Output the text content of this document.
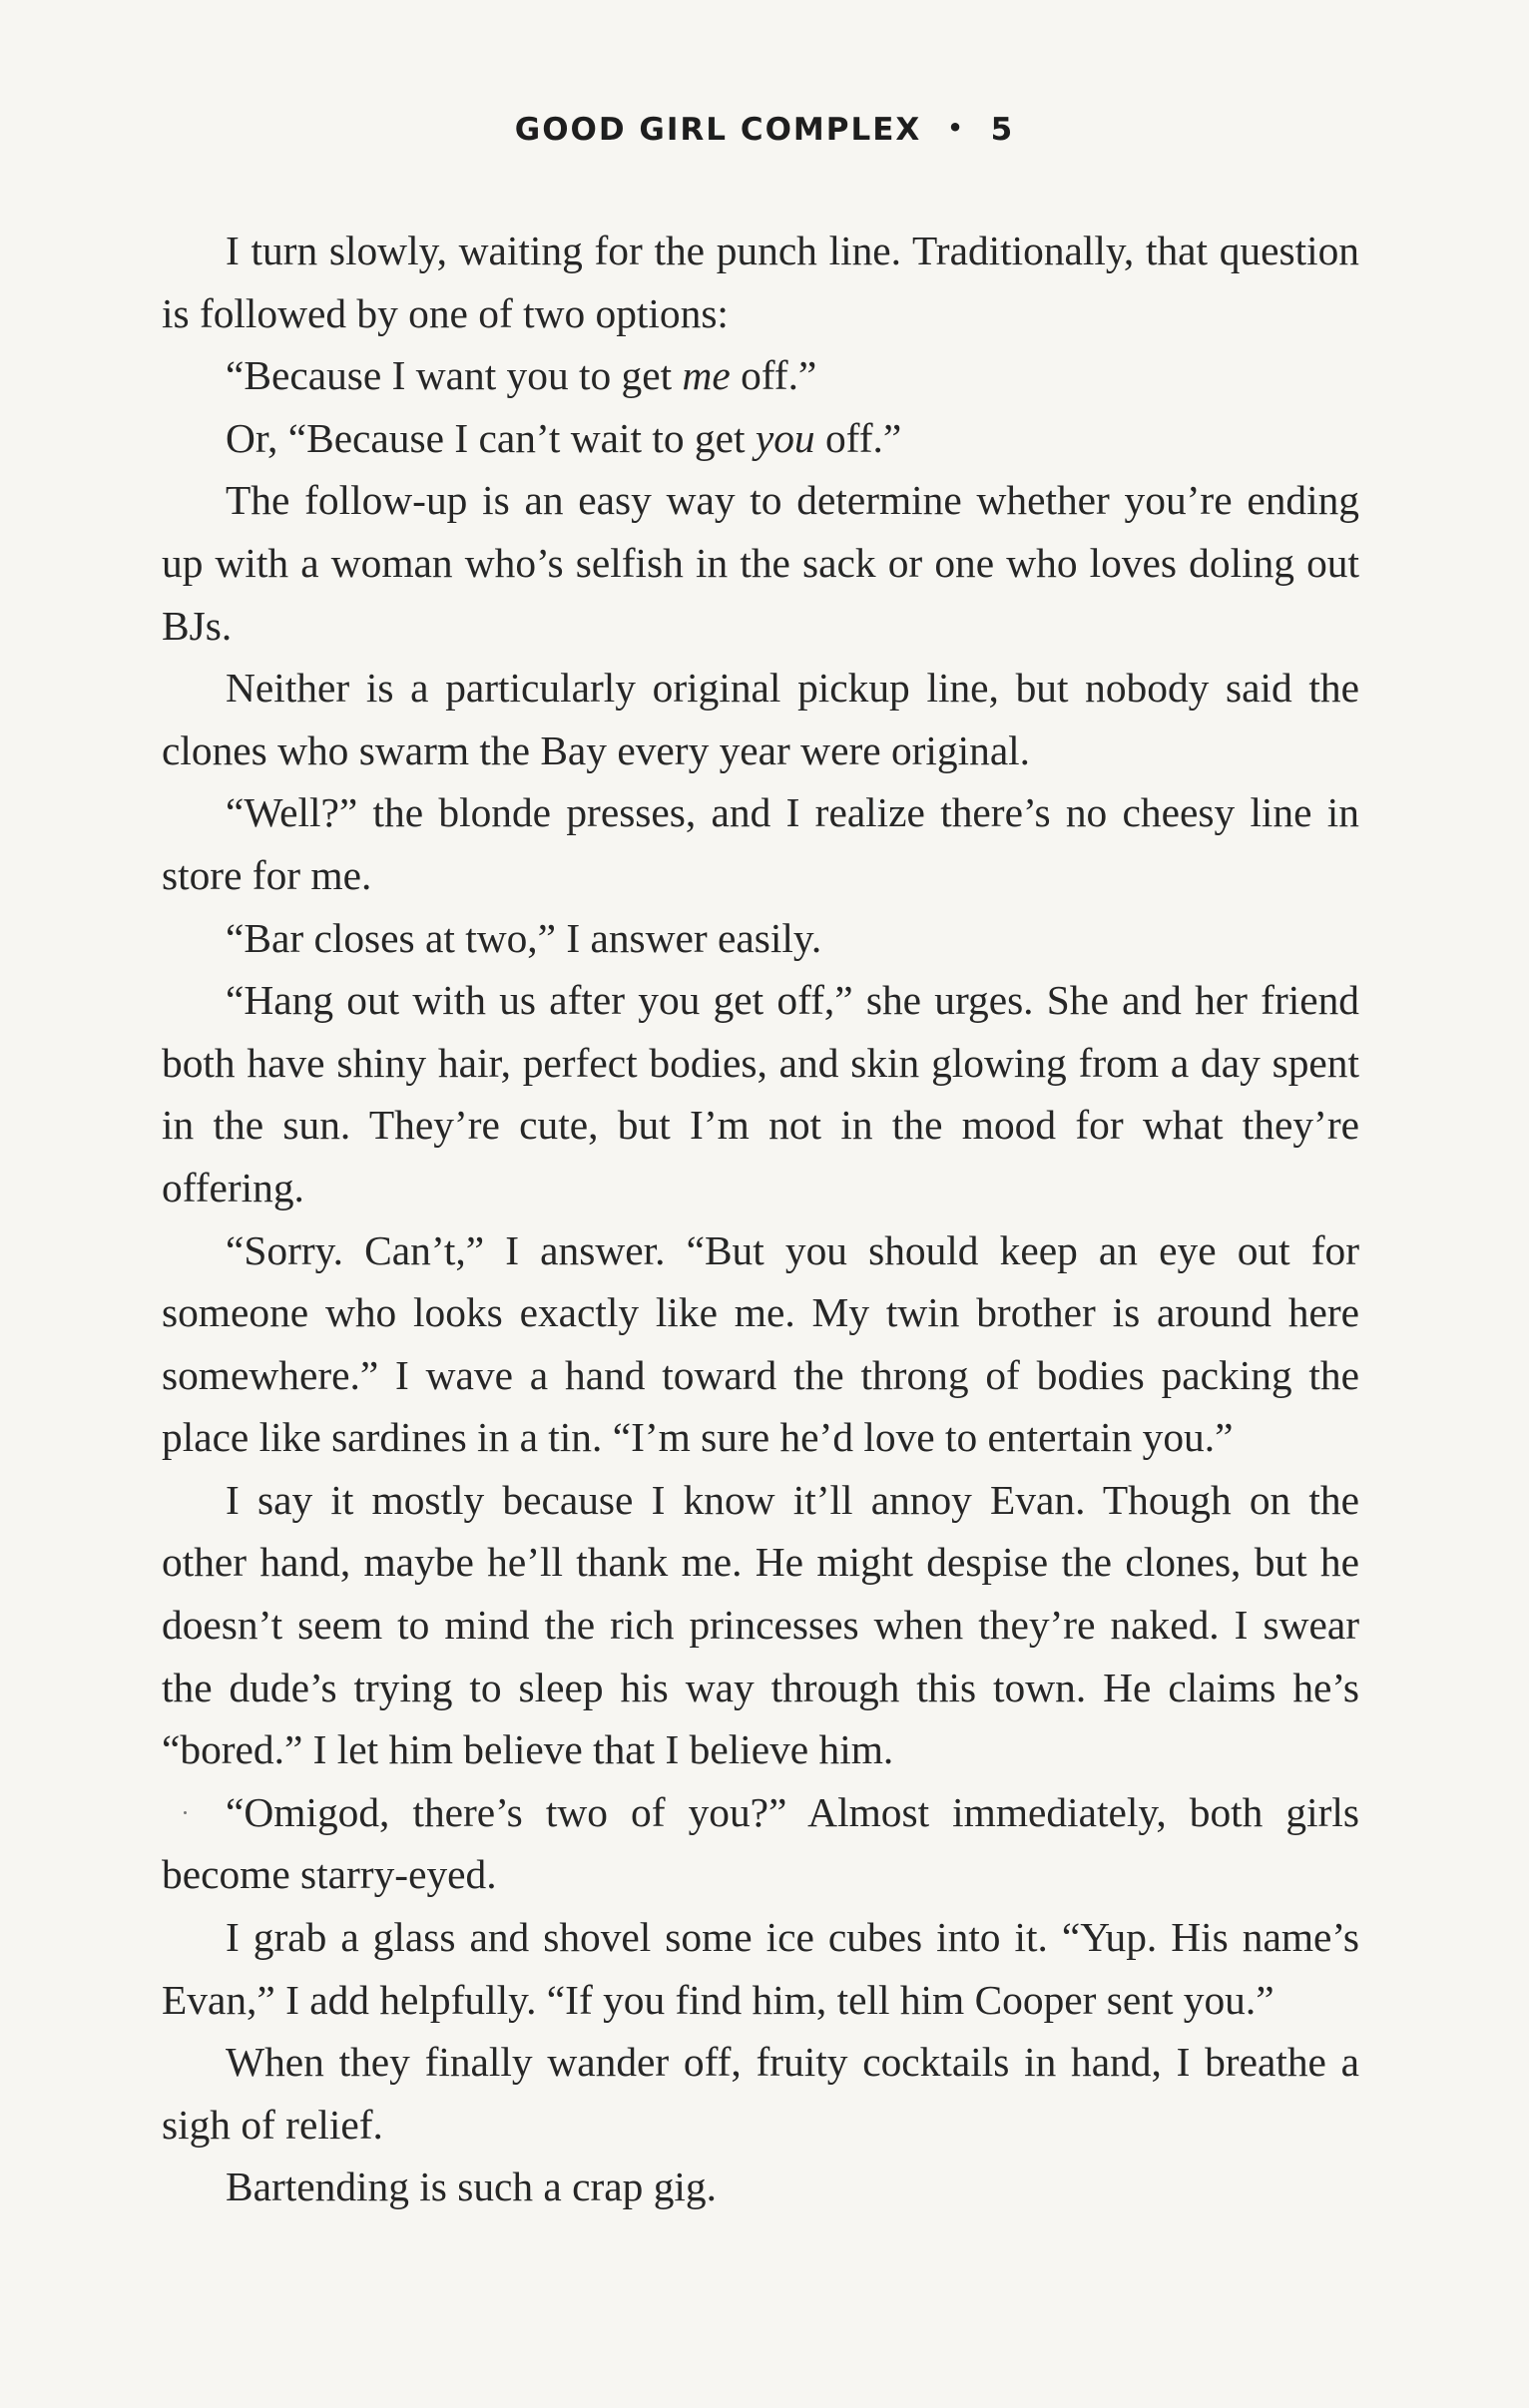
GOOD GIRL COMPLEX • 5

I turn slowly, waiting for the punch line. Traditionally, that question is followed by one of two options:

“Because I want you to get me off.”

Or, “Because I can’t wait to get you off.”

The follow-up is an easy way to determine whether you’re ending up with a woman who’s selfish in the sack or one who loves doling out BJs.

Neither is a particularly original pickup line, but nobody said the clones who swarm the Bay every year were original.

“Well?” the blonde presses, and I realize there’s no cheesy line in store for me.

“Bar closes at two,” I answer easily.

“Hang out with us after you get off,” she urges. She and her friend both have shiny hair, perfect bodies, and skin glowing from a day spent in the sun. They’re cute, but I’m not in the mood for what they’re offering.

“Sorry. Can’t,” I answer. “But you should keep an eye out for someone who looks exactly like me. My twin brother is around here somewhere.” I wave a hand toward the throng of bodies packing the place like sardines in a tin. “I’m sure he’d love to entertain you.”

I say it mostly because I know it’ll annoy Evan. Though on the other hand, maybe he’ll thank me. He might despise the clones, but he doesn’t seem to mind the rich princesses when they’re naked. I swear the dude’s trying to sleep his way through this town. He claims he’s “bored.” I let him believe that I believe him.

“Omigod, there’s two of you?” Almost immediately, both girls become starry-eyed.

I grab a glass and shovel some ice cubes into it. “Yup. His name’s Evan,” I add helpfully. “If you find him, tell him Cooper sent you.”

When they finally wander off, fruity cocktails in hand, I breathe a sigh of relief.

Bartending is such a crap gig.
